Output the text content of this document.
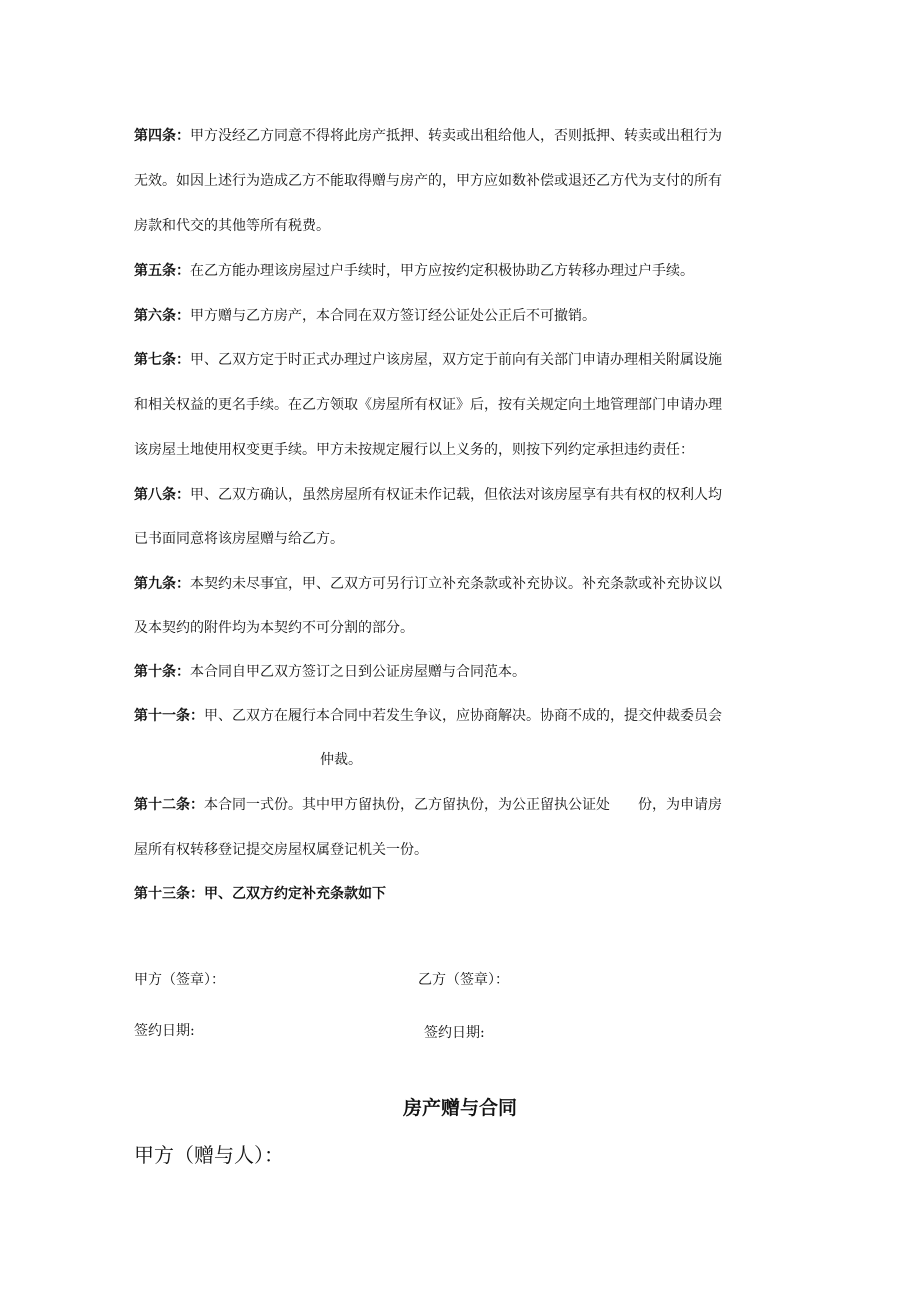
第四条：甲方没经乙方同意不得将此房产抵押、转卖或出租给他人，否则抵押、转卖或出租行为
无效。如因上述行为造成乙方不能取得赠与房产的，甲方应如数补偿或退还乙方代为支付的所有
房款和代交的其他等所有税费。
第五条：在乙方能办理该房屋过户手续时，甲方应按约定积极协助乙方转移办理过户手续。
第六条：甲方赠与乙方房产，本合同在双方签订经公证处公正后不可撤销。
第七条：甲、乙双方定于时正式办理过户该房屋，双方定于前向有关部门申请办理相关附属设施
和相关权益的更名手续。在乙方领取《房屋所有权证》后，按有关规定向土地管理部门申请办理
该房屋土地使用权变更手续。甲方未按规定履行以上义务的，则按下列约定承担违约责任：
第八条：甲、乙双方确认，虽然房屋所有权证未作记载，但依法对该房屋享有共有权的权利人均
已书面同意将该房屋赠与给乙方。
第九条：本契约未尽事宜，甲、乙双方可另行订立补充条款或补充协议。补充条款或补充协议以
及本契约的附件均为本契约不可分割的部分。
第十条：本合同自甲乙双方签订之日到公证房屋赠与合同范本。
第十一条：甲、乙双方在履行本合同中若发生争议，应协商解决。协商不成的，提交仲裁委员会
仲裁。
第十二条：本合同一式份。其中甲方留执份，乙方留执份，为公正留执公证处　　份，为申请房
屋所有权转移登记提交房屋权属登记机关一份。
第十三条：甲、乙双方约定补充条款如下
甲方（签章）：	乙方（签章）：
签约日期:	签约日期:
房产赠与合同
甲方（赠与人）：
